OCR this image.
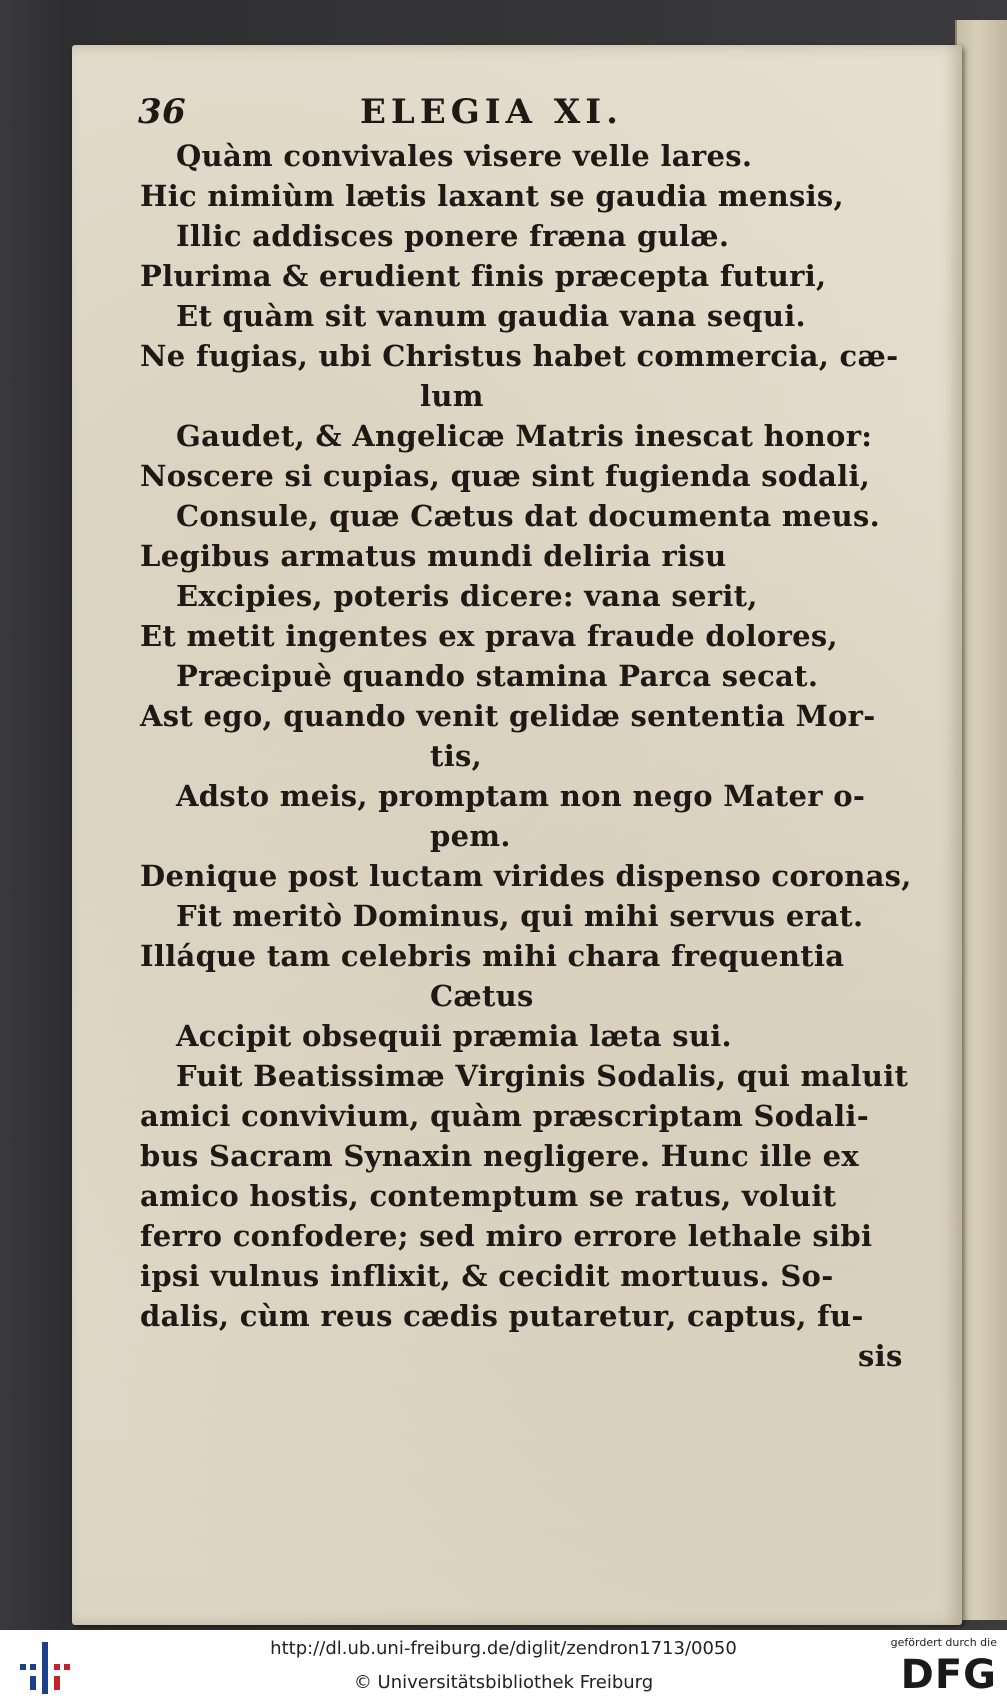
36	ELEGIA XI.
Quàm convivales visere velle lares.
Hic nimiùm lætis laxant se gaudia mensis,
Illic addisces ponere fræna gulæ.
Plurima & erudient finis præcepta futuri,
Et quàm sit vanum gaudia vana sequi.
Ne fugias, ubi Christus habet commercia, cæ-
lum
Gaudet, & Angelicæ Matris inescat honor:
Noscere si cupias, quæ sint fugienda sodali,
Consule, quæ Cætus dat documenta meus.
Legibus armatus mundi deliria risu
Excipies, poteris dicere: vana serit,
Et metit ingentes ex prava fraude dolores,
Præcipuè quando stamina Parca secat.
Ast ego, quando venit gelidæ sententia Mor-
tis,
Adsto meis, promptam non nego Mater o-
pem.
Denique post luctam virides dispenso coronas,
Fit meritò Dominus, qui mihi servus erat.
Illáque tam celebris mihi chara frequentia
Cætus
Accipit obsequii præmia læta sui.
Fuit Beatissimæ Virginis Sodalis, qui maluit
amici convivium, quàm præscriptam Sodali-
bus Sacram Synaxin negligere. Hunc ille ex
amico hostis, contemptum se ratus, voluit
ferro confodere; sed miro errore lethale sibi
ipsi vulnus inflixit, & cecidit mortuus. So-
dalis, cùm reus cædis putaretur, captus, fu-
sis
http://dl.ub.uni-freiburg.de/diglit/zendron1713/0050
© Universitätsbibliothek Freiburg
gefördert durch die
DFG
